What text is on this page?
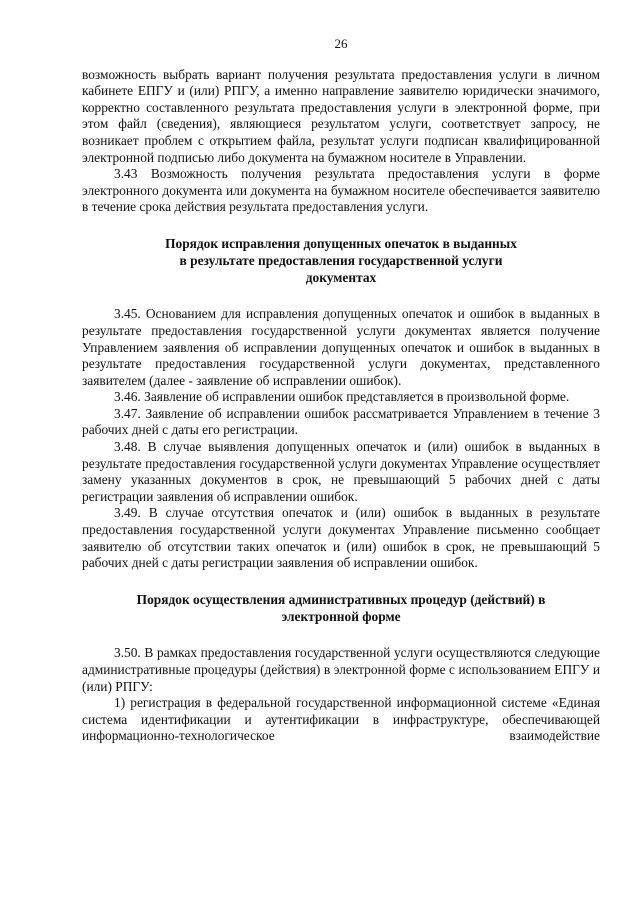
26

возможность выбрать вариант получения результата предоставления услуги в личном кабинете ЕПГУ и (или) РПГУ, а именно направление заявителю юридически значимого, корректно составленного результата предоставления услуги в электронной форме, при этом файл (сведения), являющиеся результатом услуги, соответствует запросу, не возникает проблем с открытием файла, результат услуги подписан квалифицированной электронной подписью либо документа на бумажном носителе в Управлении.

3.43 Возможность получения результата предоставления услуги в форме электронного документа или документа на бумажном носителе обеспечивается заявителю в течение срока действия результата предоставления услуги.

Порядок исправления допущенных опечаток в выданных
в результате предоставления государственной услуги
документах

3.45. Основанием для исправления допущенных опечаток и ошибок в выданных в результате предоставления государственной услуги документах является получение Управлением заявления об исправлении допущенных опечаток и ошибок в выданных в результате предоставления государственной услуги документах, представленного заявителем (далее - заявление об исправлении ошибок).

3.46. Заявление об исправлении ошибок представляется в произвольной форме.

3.47. Заявление об исправлении ошибок рассматривается Управлением в течение 3 рабочих дней с даты его регистрации.

3.48. В случае выявления допущенных опечаток и (или) ошибок в выданных в результате предоставления государственной услуги документах Управление осуществляет замену указанных документов в срок, не превышающий 5 рабочих дней с даты регистрации заявления об исправлении ошибок.

3.49. В случае отсутствия опечаток и (или) ошибок в выданных в результате предоставления государственной услуги документах Управление письменно сообщает заявителю об отсутствии таких опечаток и (или) ошибок в срок, не превышающий 5 рабочих дней с даты регистрации заявления об исправлении ошибок.

Порядок осуществления административных процедур (действий) в
электронной форме

3.50. В рамках предоставления государственной услуги осуществляются следующие административные процедуры (действия) в электронной форме с использованием ЕПГУ и (или) РПГУ:

1) регистрация в федеральной государственной информационной системе «Единая система идентификации и аутентификации в инфраструктуре, обеспечивающей информационно-технологическое взаимодействие
